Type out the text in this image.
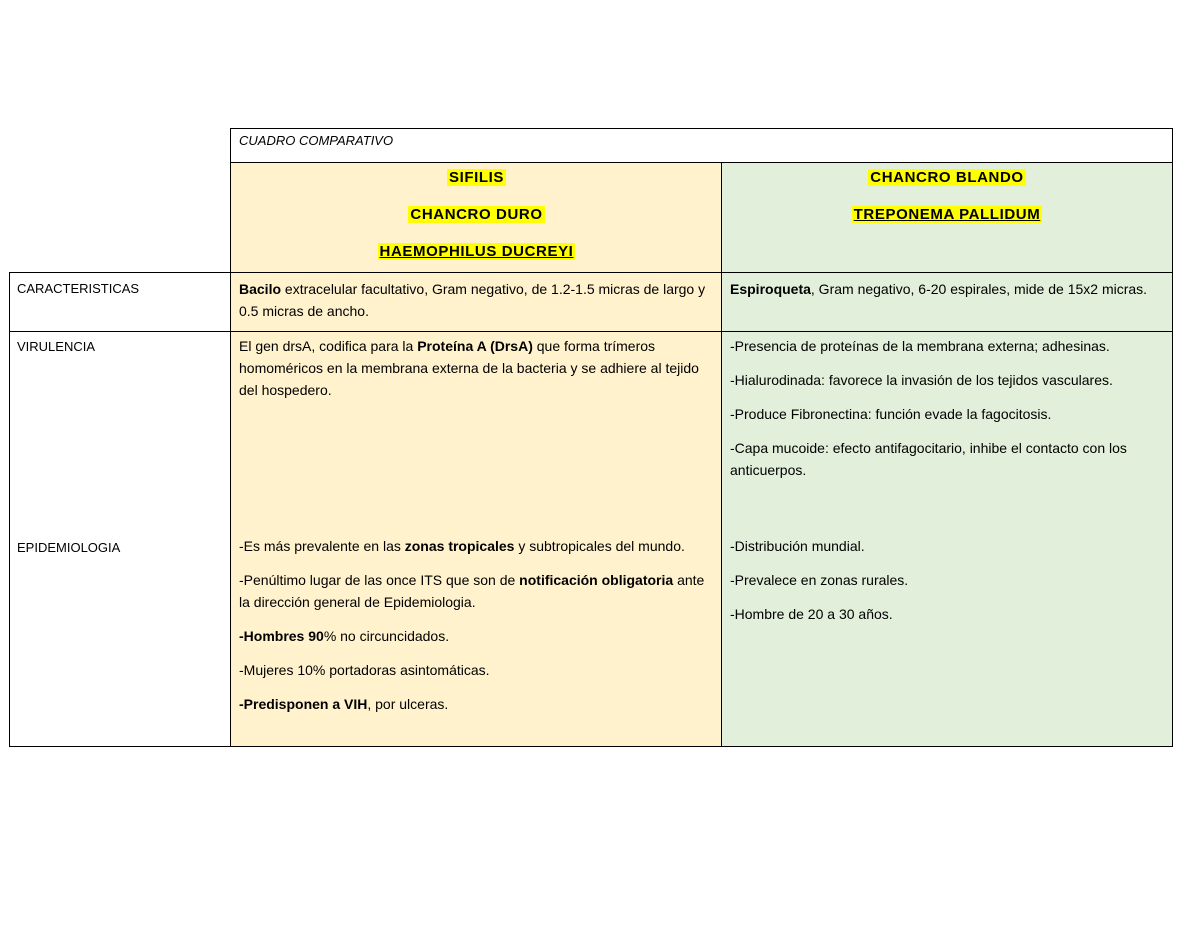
CUADRO COMPARATIVO
SIFILIS
CHANCRO DURO
HAEMOPHILUS DUCREYI
CHANCRO BLANDO
TREPONEMA PALLIDUM
CARACTERISTICAS
VIRULENCIA
EPIDEMIOLOGIA
Bacilo extracelular facultativo, Gram negativo, de 1.2-1.5 micras de largo y 0.5 micras de ancho.
Espiroqueta, Gram negativo, 6-20 espirales, mide de 15x2 micras.
El gen drsA, codifica para la Proteína A (DrsA) que forma trímeros homoméricos en la membrana externa de la bacteria y se adhiere al tejido del hospedero.

-Presencia de proteínas de la membrana externa; adhesinas.

-Hialurodinada: favorece la invasión de los tejidos vasculares.

-Produce Fibronectina: función evade la fagocitosis.

-Capa mucoide: efecto antifagocitario, inhibe el contacto con los anticuerpos.

-Es más prevalente en las zonas tropicales y subtropicales del mundo.

-Penúltimo lugar de las once ITS que son de notificación obligatoria ante la dirección general de Epidemiologia.

-Hombres 90% no circuncidados.

-Mujeres 10% portadoras asintomáticas.

-Predisponen a VIH, por ulceras.

-Distribución mundial.

-Prevalece en zonas rurales.

-Hombre de 20 a 30 años.
